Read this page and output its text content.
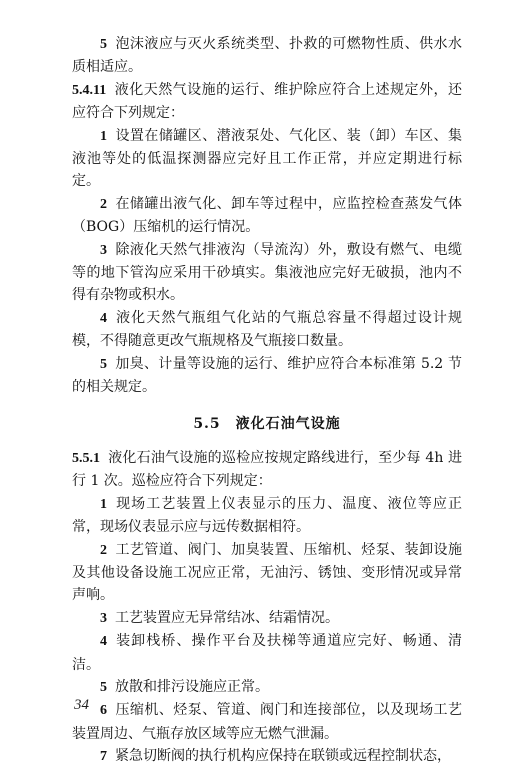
5 泡沫液应与灭火系统类型、扑救的可燃物性质、供水水质相适应。

5.4.11 液化天然气设施的运行、维护除应符合上述规定外，还应符合下列规定：

1 设置在储罐区、潜液泵处、气化区、装（卸）车区、集液池等处的低温探测器应完好且工作正常，并应定期进行标定。

2 在储罐出液气化、卸车等过程中，应监控检查蒸发气体（BOG）压缩机的运行情况。

3 除液化天然气排液沟（导流沟）外，敷设有燃气、电缆等的地下管沟应采用干砂填实。集液池应完好无破损，池内不得有杂物或积水。

4 液化天然气瓶组气化站的气瓶总容量不得超过设计规模，不得随意更改气瓶规格及气瓶接口数量。

5 加臭、计量等设施的运行、维护应符合本标准第 5.2 节的相关规定。

5.5　液化石油气设施

5.5.1 液化石油气设施的巡检应按规定路线进行，至少每 4h 进行 1 次。巡检应符合下列规定：

1 现场工艺装置上仪表显示的压力、温度、液位等应正常，现场仪表显示应与远传数据相符。

2 工艺管道、阀门、加臭装置、压缩机、烃泵、装卸设施及其他设备设施工况应正常，无油污、锈蚀、变形情况或异常声响。

3 工艺装置应无异常结冰、结霜情况。

4 装卸栈桥、操作平台及扶梯等通道应完好、畅通、清洁。

5 放散和排污设施应正常。

6 压缩机、烃泵、管道、阀门和连接部位，以及现场工艺装置周边、气瓶存放区域等应无燃气泄漏。

7 紧急切断阀的执行机构应保持在联锁或远程控制状态，

34
